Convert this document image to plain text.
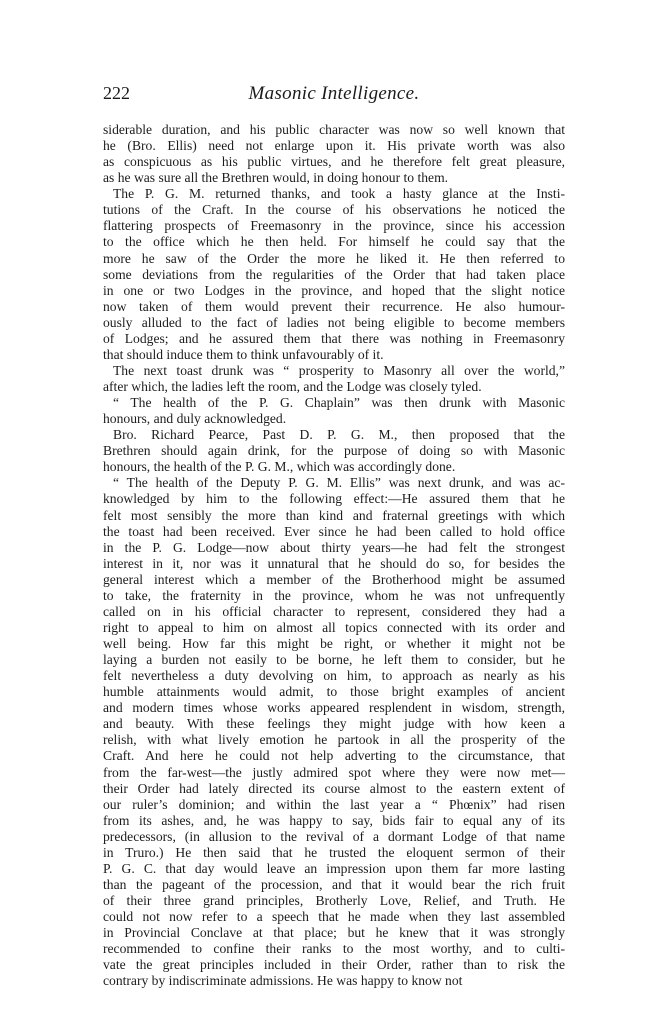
222	Masonic Intelligence.
siderable duration, and his public character was now so well known that
he (Bro. Ellis) need not enlarge upon it. His private worth was also
as conspicuous as his public virtues, and he therefore felt great pleasure,
as he was sure all the Brethren would, in doing honour to them.
The P. G. M. returned thanks, and took a hasty glance at the Insti-
tutions of the Craft. In the course of his observations he noticed the
flattering prospects of Freemasonry in the province, since his accession
to the office which he then held. For himself he could say that the
more he saw of the Order the more he liked it. He then referred to
some deviations from the regularities of the Order that had taken place
in one or two Lodges in the province, and hoped that the slight notice
now taken of them would prevent their recurrence. He also humour-
ously alluded to the fact of ladies not being eligible to become members
of Lodges; and he assured them that there was nothing in Freemasonry
that should induce them to think unfavourably of it.
The next toast drunk was “ prosperity to Masonry all over the world,”
after which, the ladies left the room, and the Lodge was closely tyled.
“ The health of the P. G. Chaplain” was then drunk with Masonic
honours, and duly acknowledged.
Bro. Richard Pearce, Past D. P. G. M., then proposed that the
Brethren should again drink, for the purpose of doing so with Masonic
honours, the health of the P. G. M., which was accordingly done.
“ The health of the Deputy P. G. M. Ellis” was next drunk, and was ac-
knowledged by him to the following effect:—He assured them that he
felt most sensibly the more than kind and fraternal greetings with which
the toast had been received. Ever since he had been called to hold office
in the P. G. Lodge—now about thirty years—he had felt the strongest
interest in it, nor was it unnatural that he should do so, for besides the
general interest which a member of the Brotherhood might be assumed
to take, the fraternity in the province, whom he was not unfrequently
called on in his official character to represent, considered they had a
right to appeal to him on almost all topics connected with its order and
well being. How far this might be right, or whether it might not be
laying a burden not easily to be borne, he left them to consider, but he
felt nevertheless a duty devolving on him, to approach as nearly as his
humble attainments would admit, to those bright examples of ancient
and modern times whose works appeared resplendent in wisdom, strength,
and beauty. With these feelings they might judge with how keen a
relish, with what lively emotion he partook in all the prosperity of the
Craft. And here he could not help adverting to the circumstance, that
from the far-west—the justly admired spot where they were now met—
their Order had lately directed its course almost to the eastern extent of
our ruler’s dominion; and within the last year a “ Phœnix” had risen
from its ashes, and, he was happy to say, bids fair to equal any of its
predecessors, (in allusion to the revival of a dormant Lodge of that name
in Truro.) He then said that he trusted the eloquent sermon of their
P. G. C. that day would leave an impression upon them far more lasting
than the pageant of the procession, and that it would bear the rich fruit
of their three grand principles, Brotherly Love, Relief, and Truth. He
could not now refer to a speech that he made when they last assembled
in Provincial Conclave at that place; but he knew that it was strongly
recommended to confine their ranks to the most worthy, and to culti-
vate the great principles included in their Order, rather than to risk the
contrary by indiscriminate admissions. He was happy to know not
